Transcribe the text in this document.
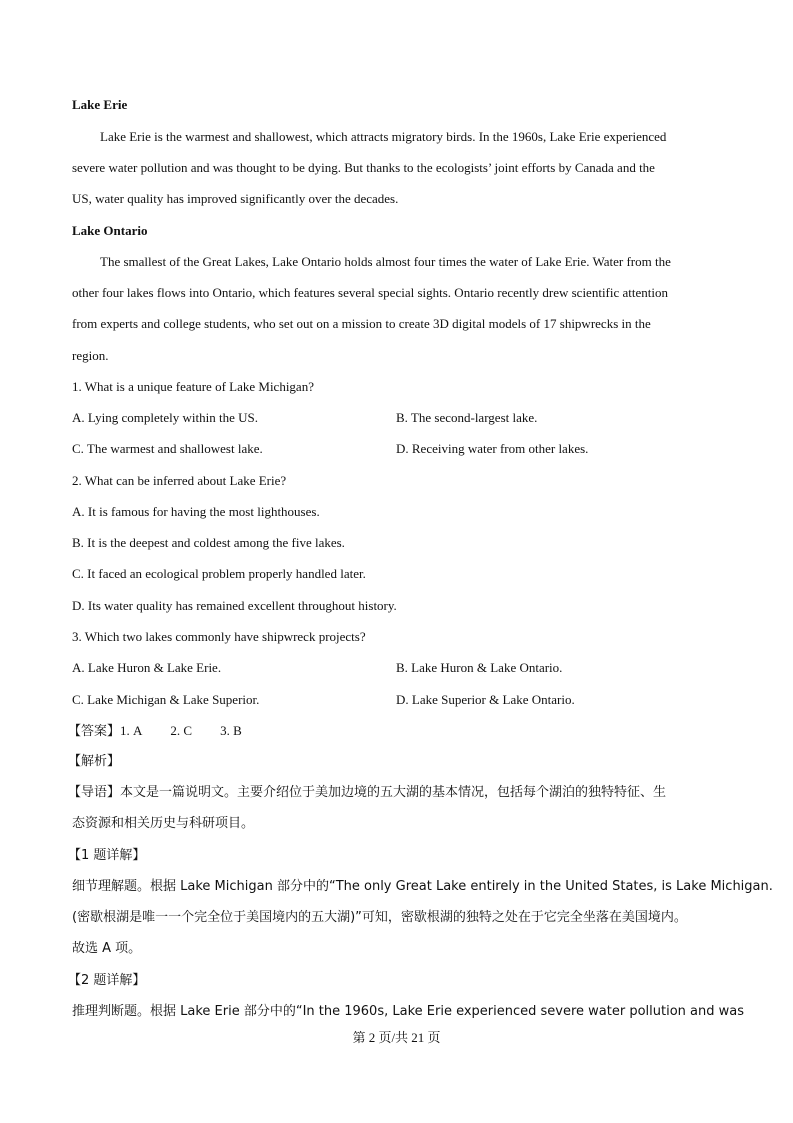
Lake Erie
Lake Erie is the warmest and shallowest, which attracts migratory birds. In the 1960s, Lake Erie experienced
severe water pollution and was thought to be dying. But thanks to the ecologists’ joint efforts by Canada and the
US, water quality has improved significantly over the decades.
Lake Ontario
The smallest of the Great Lakes, Lake Ontario holds almost four times the water of Lake Erie. Water from the
other four lakes flows into Ontario, which features several special sights. Ontario recently drew scientific attention
from experts and college students, who set out on a mission to create 3D digital models of 17 shipwrecks in the
region.
1. What is a unique feature of Lake Michigan?
A. Lying completely within the US.	B. The second-largest lake.
C. The warmest and shallowest lake.	D. Receiving water from other lakes.
2. What can be inferred about Lake Erie?
A. It is famous for having the most lighthouses.
B. It is the deepest and coldest among the five lakes.
C. It faced an ecological problem properly handled later.
D. Its water quality has remained excellent throughout history.
3. Which two lakes commonly have shipwreck projects?
A. Lake Huron & Lake Erie.	B. Lake Huron & Lake Ontario.
C. Lake Michigan & Lake Superior.	D. Lake Superior & Lake Ontario.
【答案】1. A 2. C 3. B
【解析】
【导语】本文是一篇说明文。主要介绍位于美加边境的五大湖的基本情况，包括每个湖泊的独特特征、生
态资源和相关历史与科研项目。
【1 题详解】
细节理解题。根据 Lake Michigan 部分中的“The only Great Lake entirely in the United States, is Lake Michigan.
(密歇根湖是唯一一个完全位于美国境内的五大湖)”可知，密歇根湖的独特之处在于它完全坐落在美国境内。
故选 A 项。
【2 题详解】
推理判断题。根据 Lake Erie 部分中的“In the 1960s, Lake Erie experienced severe water pollution and was
第 2 页/共 21 页
